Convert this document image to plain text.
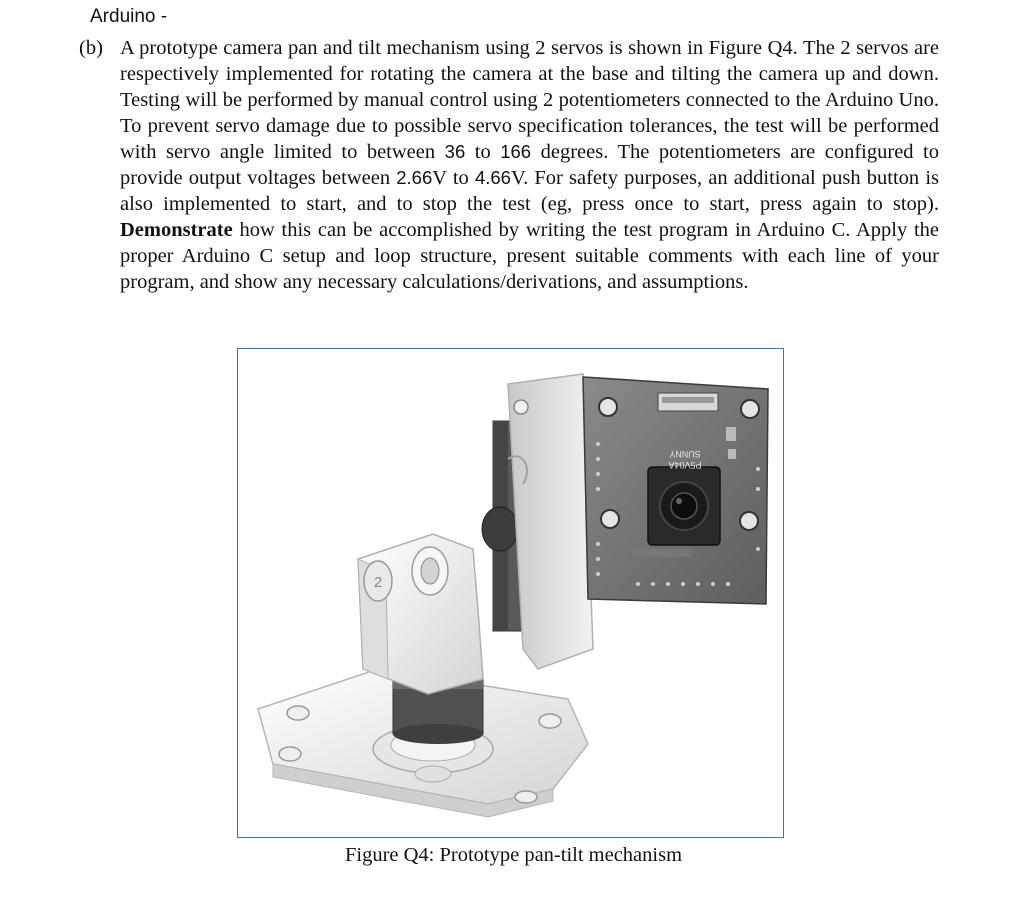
Arduino -
(b) A prototype camera pan and tilt mechanism using 2 servos is shown in Figure Q4. The 2 servos are respectively implemented for rotating the camera at the base and tilting the camera up and down. Testing will be performed by manual control using 2 potentiometers connected to the Arduino Uno. To prevent servo damage due to possible servo specification tolerances, the test will be performed with servo angle limited to between 36 to 166 degrees. The potentiometers are configured to provide output voltages between 2.66V to 4.66V. For safety purposes, an additional push button is also implemented to start, and to stop the test (eg, press once to start, press again to stop). Demonstrate how this can be accomplished by writing the test program in Arduino C. Apply the proper Arduino C setup and loop structure, present suitable comments with each line of your program, and show any necessary calculations/derivations, and assumptions.
2
SUNNY
P5V04A
Figure Q4: Prototype pan-tilt mechanism
